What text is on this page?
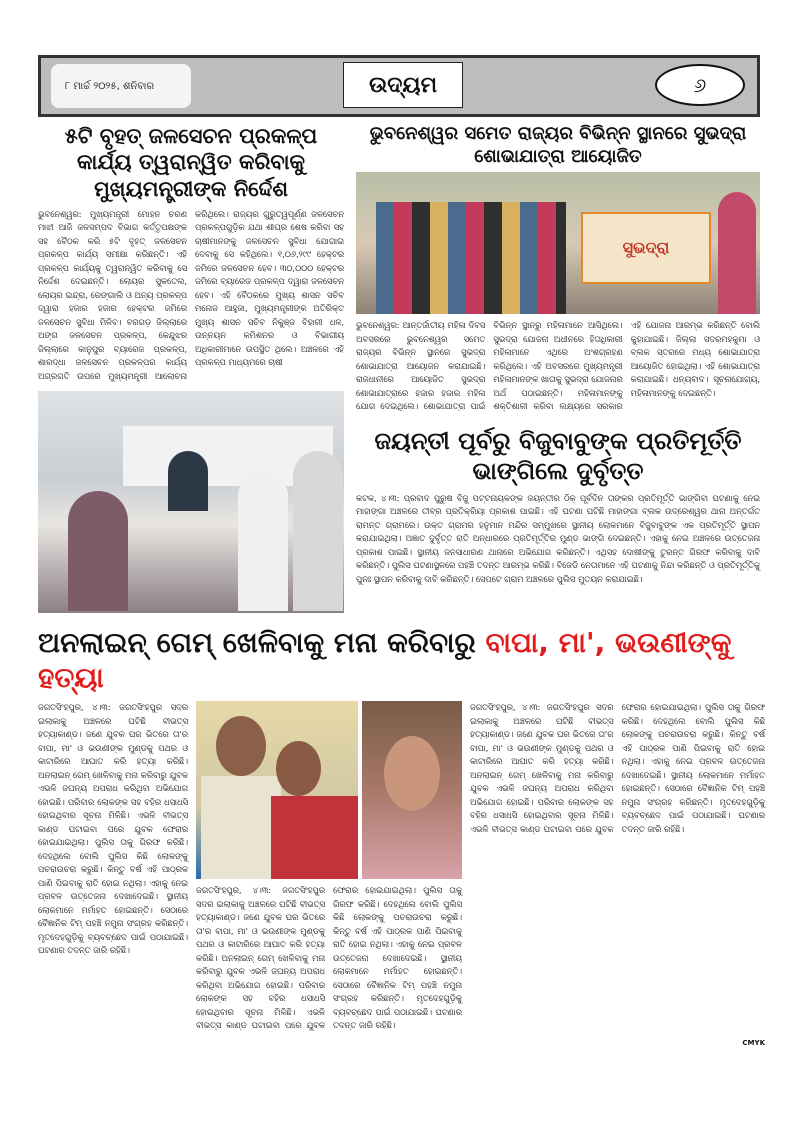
୮ ମାର୍ଚ୍ଚ ୨୦୨୫, ଶନିବାର	ଉଦ୍ୟମ	୬
୫ଟି ବୃହତ୍ ଜଳସେଚନ ପ୍ରକଳ୍ପ କାର୍ଯ୍ୟ ତ୍ୱରାନ୍ୱିତ କରିବାକୁ ମୁଖ୍ୟମନ୍ତ୍ରୀଙ୍କ ନିର୍ଦ୍ଦେଶ
ଭୁବନେଶ୍ୱର: ମୁଖ୍ୟମନ୍ତ୍ରୀ ମୋହନ ଚରଣ ମାଝୀ ଆଜି ଜଳସମ୍ପଦ ବିଭାଗ କର୍ତ୍ତୃପକ୍ଷଙ୍କ ସହ ବୈଠକ କରି ୫ଟି ବୃହତ୍ ଜଳସେଚନ ପ୍ରକଳ୍ପ କାର୍ଯ୍ୟ ସମୀକ୍ଷା କରିଛନ୍ତି। ଏହି ପ୍ରକଳ୍ପ କାର୍ଯ୍ୟକୁ ତ୍ୱରାନ୍ୱିତ କରିବାକୁ ସେ ନିର୍ଦ୍ଦେଶ ଦେଇଛନ୍ତି। ଲୋୟର ସୁକତେଲ, ଲୋୟର ଇନ୍ଦ୍ରା, ରେଙ୍ଗାଲି ଓ ଅନ୍ୟ ପ୍ରକଳ୍ପ ଦ୍ୱାରା ହଜାର ହଜାର ହେକ୍ଟର ଜମିରେ ଜଳସେଚନ ସୁବିଧା ମିଳିବ। ବରଗଡ଼ ଜିଲ୍ଲାରେ ଅଙ୍ଗ ଜଳସେଚନ ପ୍ରକଳ୍ପ, କେନ୍ଦୁଝର ଜିଲ୍ଲାରେ କାନୁପୁର ବ୍ୟାରେଜ ପ୍ରକଳ୍ପ, ଶାରଦ୍ଧା ଜଳସେଚନ ପ୍ରକଳ୍ପର କାର୍ଯ୍ୟ ଅଗ୍ରଗତି ଉପରେ ମୁଖ୍ୟମନ୍ତ୍ରୀ ଆଲୋଚନା କରିଥିଲେ। ରାଜ୍ୟର ଗୁରୁତ୍ୱପୂର୍ଣ୍ଣ ଜଳସେଚନ ପ୍ରକଳ୍ପଗୁଡ଼ିକ ଯଥା ଶୀଘ୍ର ଶେଷ କରିବା ସହ ଚାଷୀମାନଙ୍କୁ ଜଳସେଚନ ସୁବିଧା ଯୋଗାଇ ଦେବାକୁ ସେ କହିଥିଲେ। ୧,୦୬,୨୯୯ ହେକ୍ଟର ଜମିରେ ଜଳସେଚନ ହେବ। ୩୦,୦୦୦ ହେକ୍ଟର ଜମିରେ ବ୍ୟାରେଜ ପ୍ରକଳ୍ପ ଦ୍ୱାରା ଜଳସେଚନ ହେବ। ଏହି ବୈଠକରେ ମୁଖ୍ୟ ଶାସନ ସଚିବ ମନୋଜ ଆହୁଜା, ମୁଖ୍ୟମନ୍ତ୍ରୀଙ୍କ ଅତିରିକ୍ତ ମୁଖ୍ୟ ଶାସନ ସଚିବ ନିକୁଞ୍ଜ ବିହାରୀ ଧଳ, ଉନ୍ନୟନ କମିଶନର ଓ ବିଭାଗୀୟ ଅଧିକାରୀମାନେ ଉପସ୍ଥିତ ଥିଲେ। ଅଞ୍ଚଳରେ ଏହି ପ୍ରକଳ୍ପ ମାଧ୍ୟମରେ ଚାଷୀ
ଭୁବନେଶ୍ୱର ସମେତ ରାଜ୍ୟର ବିଭିନ୍ନ ସ୍ଥାନରେ ସୁଭଦ୍ରା ଶୋଭାଯାତ୍ରା ଆୟୋଜିତ
ସୁଭଦ୍ରା
ଭୁବନେଶ୍ୱର: ଆନ୍ତର୍ଜାତୀୟ ମହିଳା ଦିବସ ଅବସରରେ ଭୁବନେଶ୍ୱର ସମେତ ରାଜ୍ୟର ବିଭିନ୍ନ ସ୍ଥାନରେ ସୁଭଦ୍ରା ଶୋଭାଯାତ୍ରା ଆୟୋଜନ କରାଯାଇଛି। ରାଜଧାନୀରେ ଆୟୋଜିତ ସୁଭଦ୍ରା ଶୋଭାଯାତ୍ରାରେ ହଜାର ହଜାର ମହିଳା ଯୋଗ ଦେଇଥିଲେ। ଶୋଭାଯାତ୍ରା ପାଇଁ ବିଭିନ୍ନ ସ୍ଥାନରୁ ମହିଳାମାନେ ଆସିଥିଲେ। ସୁଭଦ୍ରା ଯୋଜନା ଅଧୀନରେ ହିତାଧିକାରୀ ମହିଳାମାନେ ଏଥିରେ ଅଂଶଗ୍ରହଣ କରିଥିଲେ। ଏହି ଅବସରରେ ମୁଖ୍ୟମନ୍ତ୍ରୀ ମହିଳାମାନଙ୍କ ଖାତାକୁ ସୁଭଦ୍ରା ଯୋଜନାର ଅର୍ଥ ପଠାଇଛନ୍ତି। ମହିଳାମାନଙ୍କୁ ଶକ୍ତିଶାଳୀ କରିବା ଲକ୍ଷ୍ୟରେ ସରକାର ଏହି ଯୋଜନା ଆରମ୍ଭ କରିଛନ୍ତି ବୋଲି କୁହାଯାଇଛି। ଜିଲ୍ଲା ସଦରମହକୁମା ଓ ବ୍ଲକ ସ୍ତରରେ ମଧ୍ୟ ଶୋଭାଯାତ୍ରା ଆୟୋଜିତ ହୋଇଥିଲା। ଏହି ଶୋଭାଯାତ୍ରା କରାଯାଇଛି। ଧନ୍ୟବାଦ। ସୂଚନାଯୋଗ୍ୟ, ମହିଳାମାନଙ୍କୁ ଦେଇଛନ୍ତି।
ଜୟନ୍ତୀ ପୂର୍ବରୁ ବିଜୁବାବୁଙ୍କ ପ୍ରତିମୂର୍ତ୍ତି ଭାଙ୍ଗିଲେ ଦୁର୍ବୃତ୍ତ
କଟକ, ୪।୩: ପ୍ରବାଦ ପୁରୁଷ ବିଜୁ ପଟ୍ଟନାୟକଙ୍କ ଜୟନ୍ତୀର ଠିକ୍ ପୂର୍ବଦିନ ତାଙ୍କର ପ୍ରତିମୂର୍ତ୍ତି ଭାଙ୍ଗିବା ଘଟଣାକୁ ନେଇ ମାହାଙ୍ଗା ଅଞ୍ଚଳରେ ତୀବ୍ର ପ୍ରତିକ୍ରିୟା ପ୍ରକାଶ ପାଇଛି। ଏହି ଘଟଣା ଘଟିଛି ମାହାଙ୍ଗା ବ୍ଲକ ଉଦ୍ରେଶ୍ୱର ଥାନା ଅନ୍ତର୍ଗତ ରାମନ୍ତ ଗ୍ରାମରେ। ଉକ୍ତ ଗ୍ରାମର ହନୁମାନ ମନ୍ଦିର ସମ୍ମୁଖରେ ସ୍ଥାନୀୟ ଲୋକମାନେ ବିଜୁବାବୁଙ୍କ ଏକ ପ୍ରତିମୂର୍ତ୍ତି ସ୍ଥାପନ କରାଯାଇଥିଲା। ଅଜ୍ଞାତ ଦୁର୍ବୃତ୍ତ ରାତି ଅନ୍ଧାରରେ ପ୍ରତିମୂର୍ତ୍ତିର ମୁଣ୍ଡ ଭାଙ୍ଗି ଦେଇଛନ୍ତି। ଏହାକୁ ନେଇ ଅଞ୍ଚଳରେ ଉତ୍ତେଜନା ପ୍ରକାଶ ପାଇଛି। ସ୍ଥାନୀୟ ଜନସାଧାରଣ ଥାନାରେ ଅଭିଯୋଗ କରିଛନ୍ତି। ଏଥିସହ ଦୋଷୀଙ୍କୁ ତୁରନ୍ତ ଗିରଫ କରିବାକୁ ଦାବି କରିଛନ୍ତି। ପୁଲିସ ଘଟଣାସ୍ଥଳରେ ପହଞ୍ଚି ତଦନ୍ତ ଆରମ୍ଭ କରିଛି। ବିଜେଡି ନେତାମାନେ ଏହି ଘଟଣାକୁ ନିନ୍ଦା କରିଛନ୍ତି ଓ ପ୍ରତିମୂର୍ତ୍ତିକୁ ପୁନଃ ସ୍ଥାପନ କରିବାକୁ ଦାବି କରିଛନ୍ତି। ସେପଟେ ଗ୍ରାମ ଅଞ୍ଚଳରେ ପୁଲିସ ମୁତୟନ କରାଯାଇଛି।
ଅନଲାଇନ୍ ଗେମ୍ ଖେଳିବାକୁ ମନା କରିବାରୁ ବାପା, ମା', ଭଉଣୀଙ୍କୁ ହତ୍ୟା
ଜଗତସିଂହପୁର, ୪।୩: ଜଗତସିଂହପୁର ସଦର ଇଲାକାକୁ ଅଞ୍ଚଳରେ ଘଟିଛି ବୀଭତ୍ସ ହତ୍ୟାକାଣ୍ଡ। ଜଣେ ଯୁବକ ଘର ଭିତରେ ତା'ର ବାପା, ମା' ଓ ଭଉଣୀଙ୍କ ମୁଣ୍ଡକୁ ପଥର ଓ କାଟାରିରେ ଆଘାତ କରି ହତ୍ୟା କରିଛି। ଅନଲାଇନ୍ ଗେମ୍ ଖେଳିବାକୁ ମନା କରିବାରୁ ଯୁବକ ଏଭଳି ଜଘନ୍ୟ ଅପରାଧ କରିଥିବା ଅଭିଯୋଗ ହୋଇଛି। ପରିବାର ଲୋକଙ୍କ ସହ ବହିର ଧସାଧସି ହୋଇଥିବାର ସୂଚନା ମିଳିଛି। ଏଭଳି ବୀଭତ୍ସ କାଣ୍ଡ ଘଟାଇବା ପରେ ଯୁବକ ଫେରାର ହୋଇଯାଇଥିଲା। ପୁଲିସ ତାକୁ ଗିରଫ କରିଛି। ଦେହଥିଲେ ବୋଲି ପୁଲିସ କିଛି ଲୋକଙ୍କୁ ପଚରାଉଚରା କରୁଛି। କିନ୍ତୁ ବର୍ଷ ଏହି ପାଠ୍ରକ ପାଣି ପିଇବାକୁ ରାତି ହୋଇ ନଥିଲା। ଏହାକୁ ନେଇ ପ୍ରବଳ ଉତ୍ତେଜନା ଦେଖାଦେଇଛି। ସ୍ଥାନୀୟ ଲୋକମାନେ ମର୍ମାହତ ହୋଇଛନ୍ତି। ସେଠାରେ ବୈଜ୍ଞାନିକ ଟିମ୍ ପହଞ୍ଚି ନମୁନା ସଂଗ୍ରହ କରିଛନ୍ତି। ମୃତଦେହଗୁଡ଼ିକୁ ବ୍ୟବଚ୍ଛେଦ ପାଇଁ ପଠାଯାଇଛି। ଘଟଣାର ତଦନ୍ତ ଜାରି ରହିଛି।
ଜଗତସିଂହପୁର, ୪।୩: ଜଗତସିଂହପୁର ସଦର ଇଲାକାକୁ ଅଞ୍ଚଳରେ ଘଟିଛି ବୀଭତ୍ସ ହତ୍ୟାକାଣ୍ଡ। ଜଣେ ଯୁବକ ଘର ଭିତରେ ତା'ର ବାପା, ମା' ଓ ଭଉଣୀଙ୍କ ମୁଣ୍ଡକୁ ପଥର ଓ କାଟାରିରେ ଆଘାତ କରି ହତ୍ୟା କରିଛି। ଅନଲାଇନ୍ ଗେମ୍ ଖେଳିବାକୁ ମନା କରିବାରୁ ଯୁବକ ଏଭଳି ଜଘନ୍ୟ ଅପରାଧ କରିଥିବା ଅଭିଯୋଗ ହୋଇଛି। ପରିବାର ଲୋକଙ୍କ ସହ ବହିର ଧସାଧସି ହୋଇଥିବାର ସୂଚନା ମିଳିଛି। ଏଭଳି ବୀଭତ୍ସ କାଣ୍ଡ ଘଟାଇବା ପରେ ଯୁବକ ଫେରାର ହୋଇଯାଇଥିଲା। ପୁଲିସ ତାକୁ ଗିରଫ କରିଛି। ଦେହଥିଲେ ବୋଲି ପୁଲିସ କିଛି ଲୋକଙ୍କୁ ପଚରାଉଚରା କରୁଛି। କିନ୍ତୁ ବର୍ଷ ଏହି ପାଠ୍ରକ ପାଣି ପିଇବାକୁ ରାତି ହୋଇ ନଥିଲା। ଏହାକୁ ନେଇ ପ୍ରବଳ ଉତ୍ତେଜନା ଦେଖାଦେଇଛି। ସ୍ଥାନୀୟ ଲୋକମାନେ ମର୍ମାହତ ହୋଇଛନ୍ତି। ସେଠାରେ ବୈଜ୍ଞାନିକ ଟିମ୍ ପହଞ୍ଚି ନମୁନା ସଂଗ୍ରହ କରିଛନ୍ତି। ମୃତଦେହଗୁଡ଼ିକୁ ବ୍ୟବଚ୍ଛେଦ ପାଇଁ ପଠାଯାଇଛି। ଘଟଣାର ତଦନ୍ତ ଜାରି ରହିଛି।
ଜଗତସିଂହପୁର, ୪।୩: ଜଗତସିଂହପୁର ସଦର ଇଲାକାକୁ ଅଞ୍ଚଳରେ ଘଟିଛି ବୀଭତ୍ସ ହତ୍ୟାକାଣ୍ଡ। ଜଣେ ଯୁବକ ଘର ଭିତରେ ତା'ର ବାପା, ମା' ଓ ଭଉଣୀଙ୍କ ମୁଣ୍ଡକୁ ପଥର ଓ କାଟାରିରେ ଆଘାତ କରି ହତ୍ୟା କରିଛି। ଅନଲାଇନ୍ ଗେମ୍ ଖେଳିବାକୁ ମନା କରିବାରୁ ଯୁବକ ଏଭଳି ଜଘନ୍ୟ ଅପରାଧ କରିଥିବା ଅଭିଯୋଗ ହୋଇଛି। ପରିବାର ଲୋକଙ୍କ ସହ ବହିର ଧସାଧସି ହୋଇଥିବାର ସୂଚନା ମିଳିଛି। ଏଭଳି ବୀଭତ୍ସ କାଣ୍ଡ ଘଟାଇବା ପରେ ଯୁବକ ଫେରାର ହୋଇଯାଇଥିଲା। ପୁଲିସ ତାକୁ ଗିରଫ କରିଛି। ଦେହଥିଲେ ବୋଲି ପୁଲିସ କିଛି ଲୋକଙ୍କୁ ପଚରାଉଚରା କରୁଛି। କିନ୍ତୁ ବର୍ଷ ଏହି ପାଠ୍ରକ ପାଣି ପିଇବାକୁ ରାତି ହୋଇ ନଥିଲା। ଏହାକୁ ନେଇ ପ୍ରବଳ ଉତ୍ତେଜନା ଦେଖାଦେଇଛି। ସ୍ଥାନୀୟ ଲୋକମାନେ ମର୍ମାହତ ହୋଇଛନ୍ତି। ସେଠାରେ ବୈଜ୍ଞାନିକ ଟିମ୍ ପହଞ୍ଚି ନମୁନା ସଂଗ୍ରହ କରିଛନ୍ତି। ମୃତଦେହଗୁଡ଼ିକୁ ବ୍ୟବଚ୍ଛେଦ ପାଇଁ ପଠାଯାଇଛି। ଘଟଣାର ତଦନ୍ତ ଜାରି ରହିଛି।
CMYK
